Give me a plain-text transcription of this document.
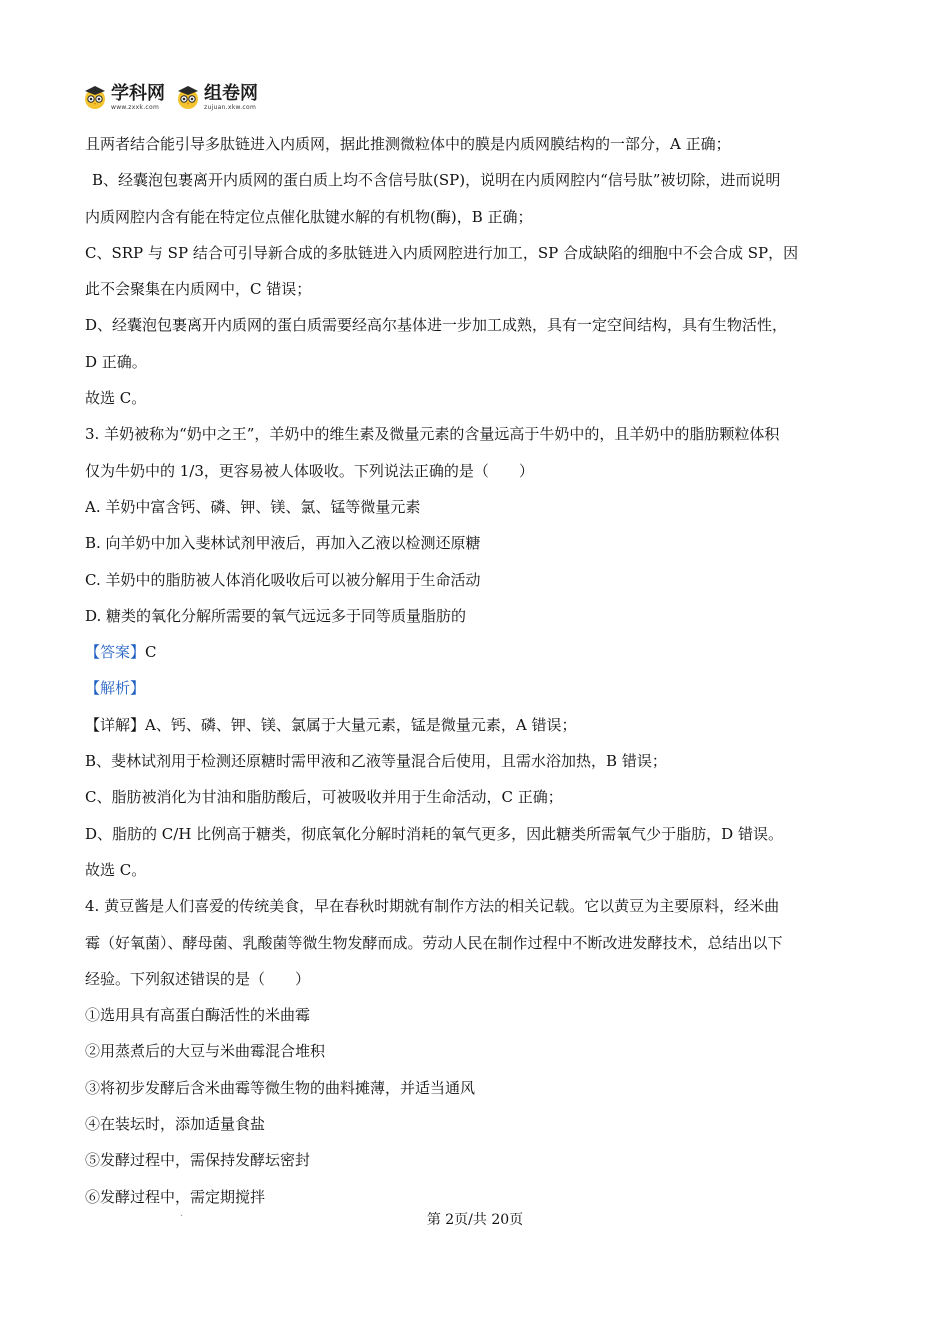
学科网
www.zxxk.com
组卷网
zujuan.xkw.com
且两者结合能引导多肽链进入内质网，据此推测微粒体中的膜是内质网膜结构的一部分，A 正确；
B、经囊泡包裹离开内质网的蛋白质上均不含信号肽(SP)，说明在内质网腔内“信号肽”被切除，进而说明
内质网腔内含有能在特定位点催化肽键水解的有机物(酶)，B 正确；
C、SRP 与 SP 结合可引导新合成的多肽链进入内质网腔进行加工，SP 合成缺陷的细胞中不会合成 SP，因
此不会聚集在内质网中，C 错误；
D、经囊泡包裹离开内质网的蛋白质需要经高尔基体进一步加工成熟，具有一定空间结构，具有生物活性，
D 正确。
故选 C。
3. 羊奶被称为“奶中之王”，羊奶中的维生素及微量元素的含量远高于牛奶中的，且羊奶中的脂肪颗粒体积
仅为牛奶中的 1/3，更容易被人体吸收。下列说法正确的是（　　）
A. 羊奶中富含钙、磷、钾、镁、氯、锰等微量元素
B. 向羊奶中加入斐林试剂甲液后，再加入乙液以检测还原糖
C. 羊奶中的脂肪被人体消化吸收后可以被分解用于生命活动
D. 糖类的氧化分解所需要的氧气远远多于同等质量脂肪的
【答案】C
【解析】
【详解】A、钙、磷、钾、镁、氯属于大量元素，锰是微量元素，A 错误；
B、斐林试剂用于检测还原糖时需甲液和乙液等量混合后使用，且需水浴加热，B 错误；
C、脂肪被消化为甘油和脂肪酸后，可被吸收并用于生命活动，C 正确；
D、脂肪的 C/H 比例高于糖类，彻底氧化分解时消耗的氧气更多，因此糖类所需氧气少于脂肪，D 错误。
故选 C。
4. 黄豆酱是人们喜爱的传统美食，早在春秋时期就有制作方法的相关记载。它以黄豆为主要原料，经米曲
霉（好氧菌）、酵母菌、乳酸菌等微生物发酵而成。劳动人民在制作过程中不断改进发酵技术，总结出以下
经验。下列叙述错误的是（　　）
①选用具有高蛋白酶活性的米曲霉
②用蒸煮后的大豆与米曲霉混合堆积
③将初步发酵后含米曲霉等微生物的曲料摊薄，并适当通风
④在装坛时，添加适量食盐
⑤发酵过程中，需保持发酵坛密封
⑥发酵过程中，需定期搅拌
ˇ	第 2页/共 20页
